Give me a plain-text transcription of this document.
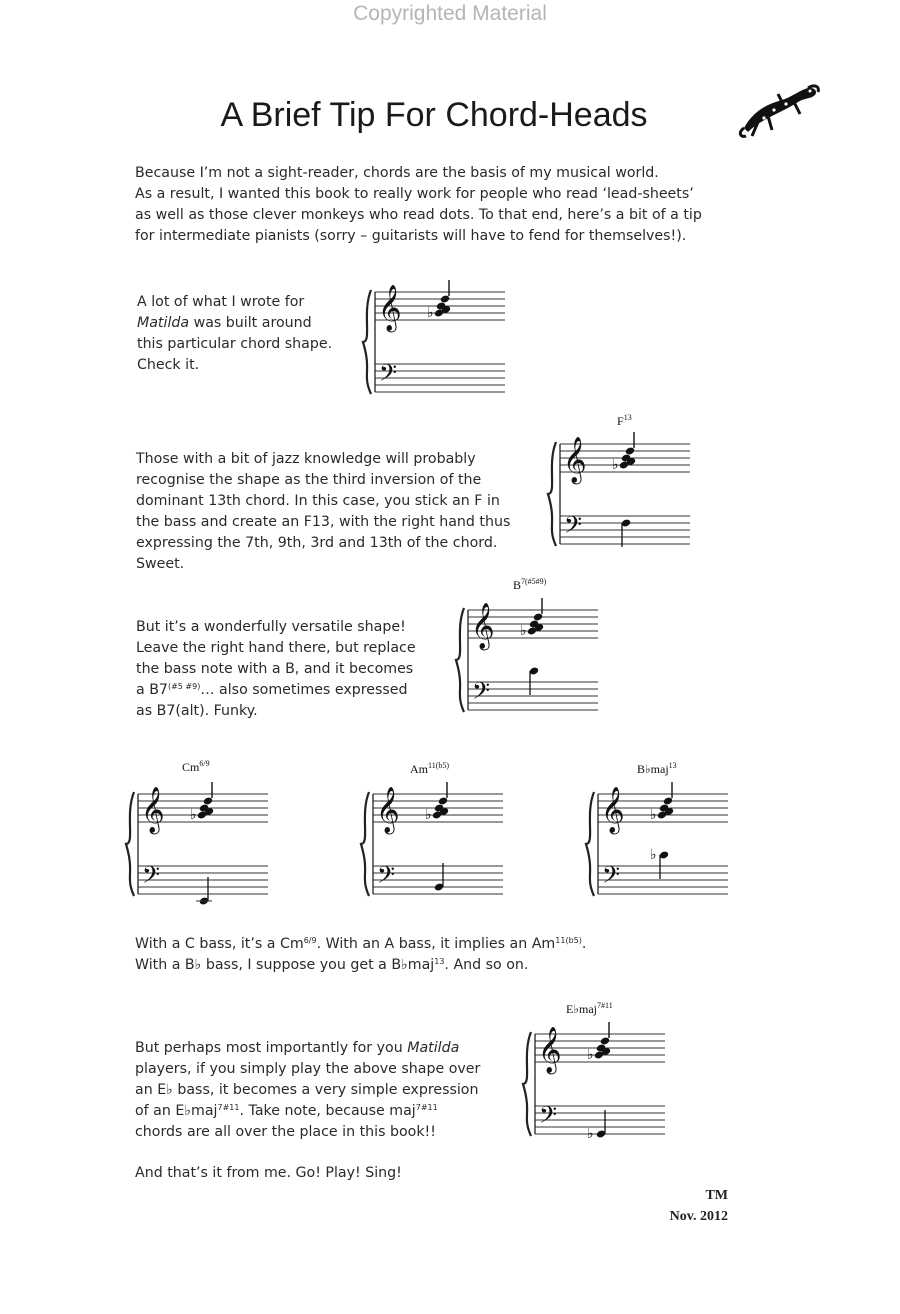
Copyrighted Material
A Brief Tip For Chord-Heads
Because I’m not a sight-reader, chords are the basis of my musical world.
As a result, I wanted this book to really work for people who read ‘lead-sheets’
as well as those clever monkeys who read dots. To that end, here’s a bit of a tip
for intermediate pianists (sorry – guitarists will have to fend for themselves!).
A lot of what I wrote for
Matilda was built around
this particular chord shape.
Check it.
Those with a bit of jazz knowledge will probably
recognise the shape as the third inversion of the
dominant 13th chord. In this case, you stick an F in
the bass and create an F13, with the right hand thus
expressing the 7th, 9th, 3rd and 13th of the chord.
Sweet.
But it’s a wonderfully versatile shape!
Leave the right hand there, but replace
the bass note with a B, and it becomes
a $B7^{(\#5 \#9)}\dots$ also sometimes expressed
as B7(alt). Funky.
With a C bass, it’s a $Cm^{6/9}$. With an A bass, it implies an $Am^{11(b5)}$.
With a B♭ bass, I suppose you get a B♭maj$^{13}$. And so on.
But perhaps most importantly for you Matilda
players, if you simply play the above shape over
an E♭ bass, it becomes a very simple expression
of an E♭maj$^{7\#11}$. Take note, because maj$^{7\#11}$
chords are all over the place in this book!!
And that’s it from me. Go! Play! Sing!
TM
Nov. 2012
$F^{13}$
$B^{7(\#5\#9)}$
$Cm^{6/9}$	$Am^{11(b5)}$	B♭maj$^{13}$
E♭maj$^{7\#11}$
𝄞
𝄢
♭
𝄞
𝄢
♭
𝄞
𝄢
♭
𝄞
𝄢
♭	𝄞
𝄢
♭	𝄞
𝄢
♭
♭
𝄞
𝄢
♭
♭
